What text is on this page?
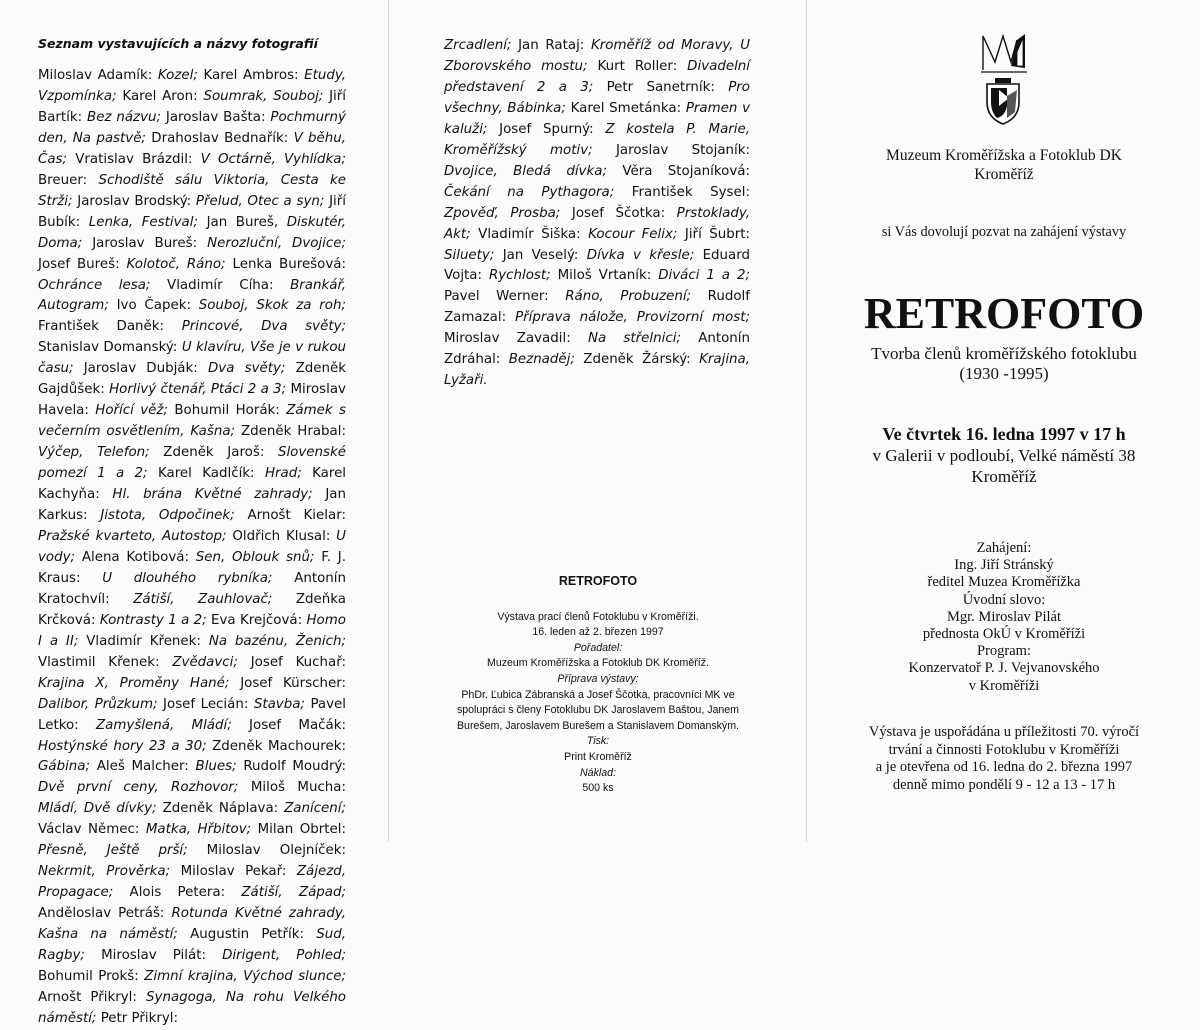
Seznam vystavujících a názvy fotografií
Miloslav Adamík: Kozel; Karel Ambros: Etudy, Vzpomínka; Karel Aron: Soumrak, Souboj; Jiří Bartík: Bez názvu; Jaroslav Bašta: Pochmurný den, Na pastvě; Drahoslav Bednařík: V běhu, Čas; Vratislav Brázdil: V Octárně, Vyhlídka; Breuer: Schodiště sálu Viktoria, Cesta ke Strži; Jaroslav Brodský: Přelud, Otec a syn; Jiří Bubík: Lenka, Festival; Jan Bureš, Diskutér, Doma; Jaroslav Bureš: Nerozluční, Dvojice; Josef Bureš: Kolotoč, Ráno; Lenka Burešová: Ochránce lesa; Vladimír Cíha: Brankář, Autogram; Ivo Čapek: Souboj, Skok za roh; František Daněk: Princové, Dva světy; Stanislav Domanský: U klavíru, Vše je v rukou času; Jaroslav Dubják: Dva světy; Zdeněk Gajdůšek: Horlivý čtenář, Ptáci 2 a 3; Miroslav Havela: Hořící věž; Bohumil Horák: Zámek s večerním osvětlením, Kašna; Zdeněk Hrabal: Výčep, Telefon; Zdeněk Jaroš: Slovenské pomezí 1 a 2; Karel Kadlčík: Hrad; Karel Kachyňa: Hl. brána Květné zahrady; Jan Karkus: Jistota, Odpočinek; Arnošt Kielar: Pražské kvarteto, Autostop; Oldřich Klusal: U vody; Alena Kotibová: Sen, Oblouk snů; F. J. Kraus: U dlouhého rybníka; Antonín Kratochvíl: Zátiší, Zauhlovač; Zdeňka Krčková: Kontrasty 1 a 2; Eva Krejčová: Homo I a II; Vladimír Křenek: Na bazénu, Ženich; Vlastimil Křenek: Zvědavci; Josef Kuchař: Krajina X, Proměny Hané; Josef Kürscher: Dalibor, Průzkum; Josef Lecián: Stavba; Pavel Letko: Zamyšlená, Mládí; Josef Mačák: Hostýnské hory 23 a 30; Zdeněk Machourek: Gábina; Aleš Malcher: Blues; Rudolf Moudrý: Dvě první ceny, Rozhovor; Miloš Mucha: Mládí, Dvě dívky; Zdeněk Náplava: Zanícení; Václav Němec: Matka, Hřbitov; Milan Obrtel: Přesně, Ještě prší; Miloslav Olejníček: Nekrmit, Prověrka; Miloslav Pekař: Zájezd, Propagace; Alois Petera: Zátiší, Západ; Anděloslav Petráš: Rotunda Květné zahrady, Kašna na náměstí; Augustin Petřík: Sud, Ragby; Miroslav Pilát: Dirigent, Pohled; Bohumil Prokš: Zimní krajina, Východ slunce; Arnošt Přikryl: Synagoga, Na rohu Velkého náměstí; Petr Přikryl:
Zrcadlení; Jan Rataj: Kroměříž od Moravy, U Zborovského mostu; Kurt Roller: Divadelní představení 2 a 3; Petr Sanetrník: Pro všechny, Bábinka; Karel Smetánka: Pramen v kaluži; Josef Spurný: Z kostela P. Marie, Kroměřížský motiv; Jaroslav Stojaník: Dvojice, Bledá dívka; Věra Stojaníková: Čekání na Pythagora; František Sysel: Zpověď, Prosba; Josef Ščotka: Prstoklady, Akt; Vladimír Šiška: Kocour Felix; Jiří Šubrt: Siluety; Jan Veselý: Dívka v křesle; Eduard Vojta: Rychlost; Miloš Vrtaník: Diváci 1 a 2; Pavel Werner: Ráno, Probuzení; Rudolf Zamazal: Příprava nálože, Provizorní most; Miroslav Zavadil: Na střelnici; Antonín Zdráhal: Beznaděj; Zdeněk Žárský: Krajina, Lyžaři.
RETROFOTO
Výstava prací členů Fotoklubu v Kroměříži.
16. leden až 2. březen 1997
Pořadatel:
Muzeum Kroměřížska a Fotoklub DK Kroměříž.
Příprava výstavy:
PhDr. Ľubica Zábranská a Josef Ščotka, pracovníci MK ve
spolupráci s členy Fotoklubu DK Jaroslavem Baštou, Janem
Burešem, Jaroslavem Burešem a Stanislavem Domanským.
Tisk:
Print Kroměříž
Náklad:
500 ks
Muzeum Kroměřížska a Fotoklub DK
Kroměříž
si Vás dovolují pozvat na zahájení výstavy
RETROFOTO
Tvorba členů kroměřížského fotoklubu
(1930 -1995)
Ve čtvrtek 16. ledna 1997 v 17 h
v Galerii v podloubí, Velké náměstí 38
Kroměříž
Zahájení:
Ing. Jiří Stránský
ředitel Muzea Kroměřížka
Úvodní slovo:
Mgr. Miroslav Pilát
přednosta OkÚ v Kroměříži
Program:
Konzervatoř P. J. Vejvanovského
v Kroměříži
Výstava je uspořádána u příležitosti 70. výročí
trvání a činnosti Fotoklubu v Kroměříži
a je otevřena od 16. ledna do 2. března 1997
denně mimo pondělí 9 - 12 a 13 - 17 h
